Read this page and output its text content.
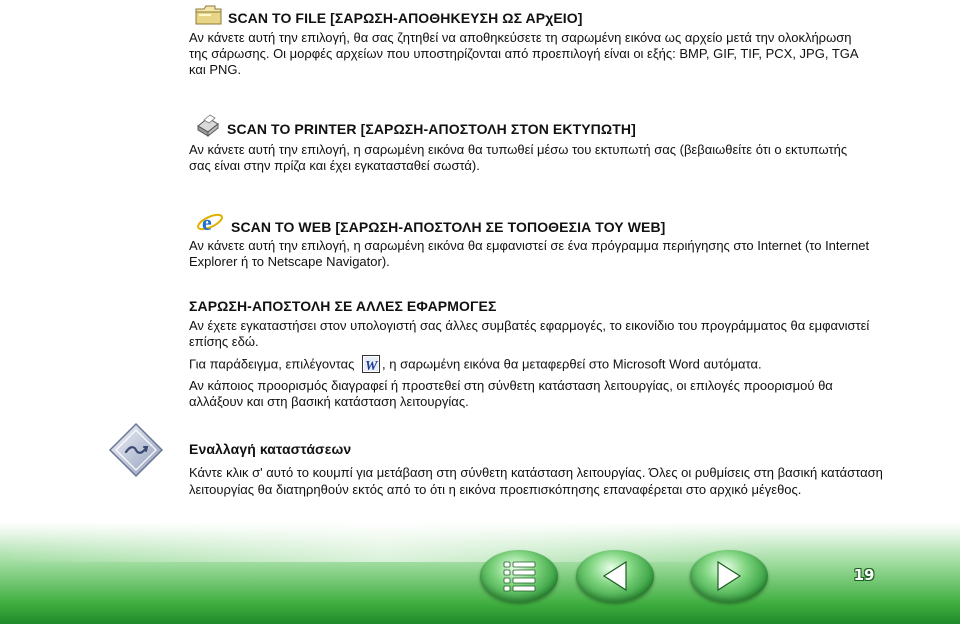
SCAN TO FILE [ΣΑΡΩΣΗ-ΑΠΟΘΗΚΕΥΣΗ ΩΣ ΑΡχΕΙΟ]
Αν κάνετε αυτή την επιλογή, θα σας ζητηθεί να αποθηκεύσετε τη σαρωμένη εικόνα ως αρχείο μετά την ολοκλήρωση
της σάρωσης. Οι μορφές αρχείων που υποστηρίζονται από προεπιλογή είναι οι εξής: BMP, GIF, TIF, PCX, JPG, TGA
και PNG.
SCAN TO PRINTER [ΣΑΡΩΣΗ-ΑΠΟΣΤΟΛΗ ΣΤΟΝ ΕΚΤΥΠΩΤΗ]
Αν κάνετε αυτή την επιλογή, η σαρωμένη εικόνα θα τυπωθεί μέσω του εκτυπωτή σας (βεβαιωθείτε ότι ο εκτυπωτής
σας είναι στην πρίζα και έχει εγκατασταθεί σωστά).
e SCAN TO WEB [ΣΑΡΩΣΗ-ΑΠΟΣΤΟΛΗ ΣΕ ΤΟΠΟΘΕΣΙΑ ΤΟΥ WEB]
Αν κάνετε αυτή την επιλογή, η σαρωμένη εικόνα θα εμφανιστεί σε ένα πρόγραμμα περιήγησης στο Internet (το Internet
Explorer ή το Netscape Navigator).
ΣΑΡΩΣΗ-ΑΠΟΣΤΟΛΗ ΣΕ ΑΛΛΕΣ ΕΦΑΡΜΟΓΕΣ
Αν έχετε εγκαταστήσει στον υπολογιστή σας άλλες συμβατές εφαρμογές, το εικονίδιο του προγράμματος θα εμφανιστεί
επίσης εδώ.
Για παράδειγμα, επιλέγοντας W , η σαρωμένη εικόνα θα μεταφερθεί στο Microsoft Word αυτόματα.
Αν κάποιος προορισμός διαγραφεί ή προστεθεί στη σύνθετη κατάσταση λειτουργίας, οι επιλογές προορισμού θα
αλλάξουν και στη βασική κατάσταση λειτουργίας.
Εναλλαγή καταστάσεων
Κάντε κλικ σ' αυτό το κουμπί για μετάβαση στη σύνθετη κατάσταση λειτουργίας. Όλες οι ρυθμίσεις στη βασική κατάσταση
λειτουργίας θα διατηρηθούν εκτός από το ότι η εικόνα προεπισκόπησης επαναφέρεται στο αρχικό μέγεθος.
19
